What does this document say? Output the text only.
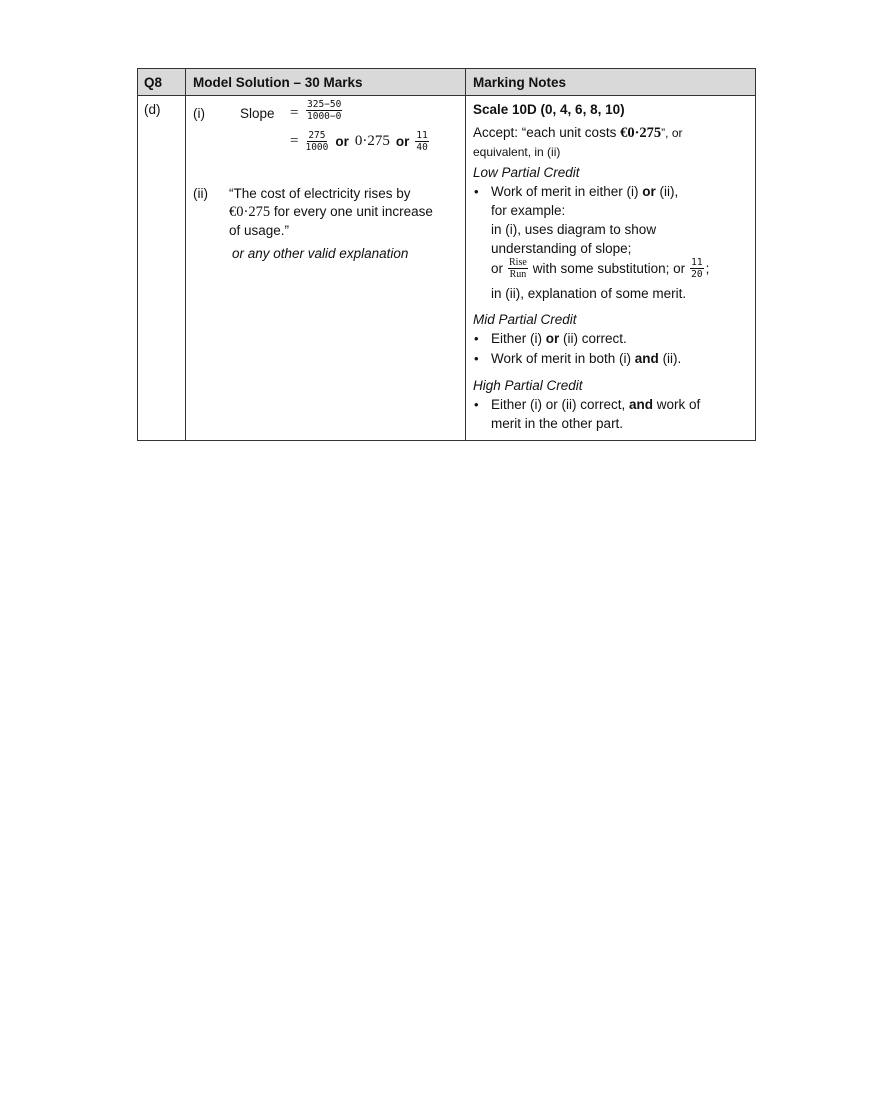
Q8 Model Solution – 30 Marks	Marking Notes
(d) (i)	Slope = $\frac{325-50}{1000-0}$
= $\frac{275}{1000}$ or 0·275 or $\frac{11}{40}$
(ii) “The cost of electricity rises by
€0·275 for every one unit increase
of usage.”
or any other valid explanation
Scale 10D (0, 4, 6, 8, 10)
Accept: “each unit costs €0·275”, or
equivalent, in (ii)
Low Partial Credit
• Work of merit in either (i) or (ii),
for example:
in (i), uses diagram to show
understanding of slope;
or $\frac{\text{Rise}}{\text{Run}}$ with some substitution; or $\frac{11}{20}$ ;
in (ii), explanation of some merit.
Mid Partial Credit
• Either (i) or (ii) correct.
• Work of merit in both (i) and (ii).
High Partial Credit
• Either (i) or (ii) correct, and work of
merit in the other part.
